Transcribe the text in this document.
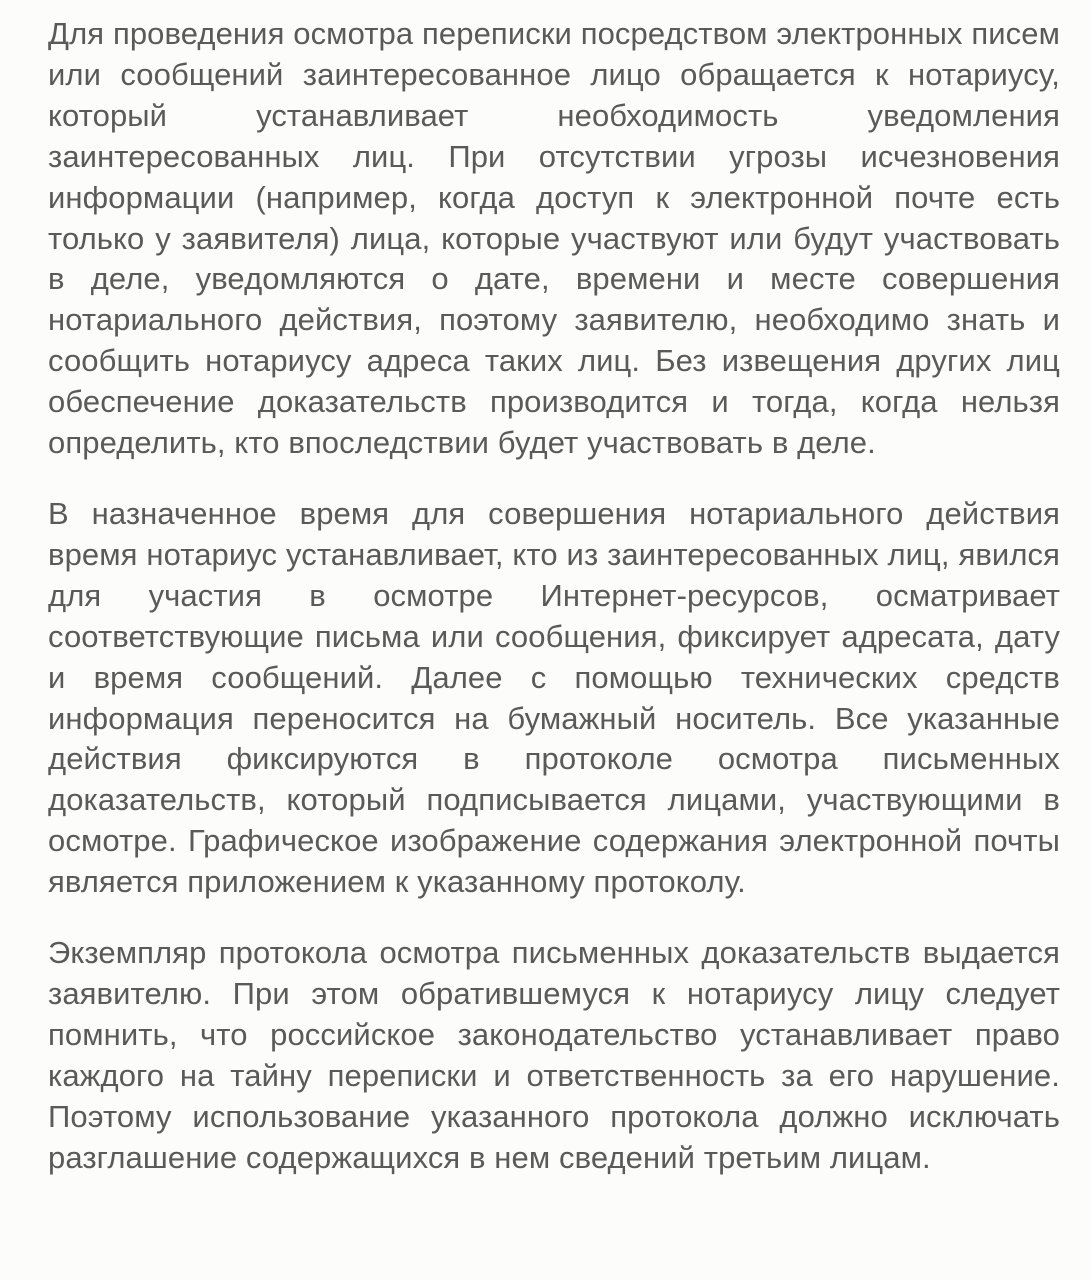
Для проведения осмотра переписки посредством электронных писем или сообщений заинтересованное лицо обращается к нотариусу, который устанавливает необходимость уведомления заинтересованных лиц. При отсутствии угрозы исчезновения информации (например, когда доступ к электронной почте есть только у заявителя) лица, которые участвуют или будут участвовать в деле, уведомляются о дате, времени и месте совершения нотариального действия, поэтому заявителю, необходимо знать и сообщить нотариусу адреса таких лиц. Без извещения других лиц обеспечение доказательств производится и тогда, когда нельзя определить, кто впоследствии будет участвовать в деле.

В назначенное время для совершения нотариального действия время нотариус устанавливает, кто из заинтересованных лиц, явился для участия в осмотре Интернет-ресурсов, осматривает соответствующие письма или сообщения, фиксирует адресата, дату и время сообщений. Далее с помощью технических средств информация переносится на бумажный носитель. Все указанные действия фиксируются в протоколе осмотра письменных доказательств, который подписывается лицами, участвующими в осмотре. Графическое изображение содержания электронной почты является приложением к указанному протоколу.

Экземпляр протокола осмотра письменных доказательств выдается заявителю. При этом обратившемуся к нотариусу лицу следует помнить, что российское законодательство устанавливает право каждого на тайну переписки и ответственность за его нарушение. Поэтому использование указанного протокола должно исключать разглашение содержащихся в нем сведений третьим лицам.
